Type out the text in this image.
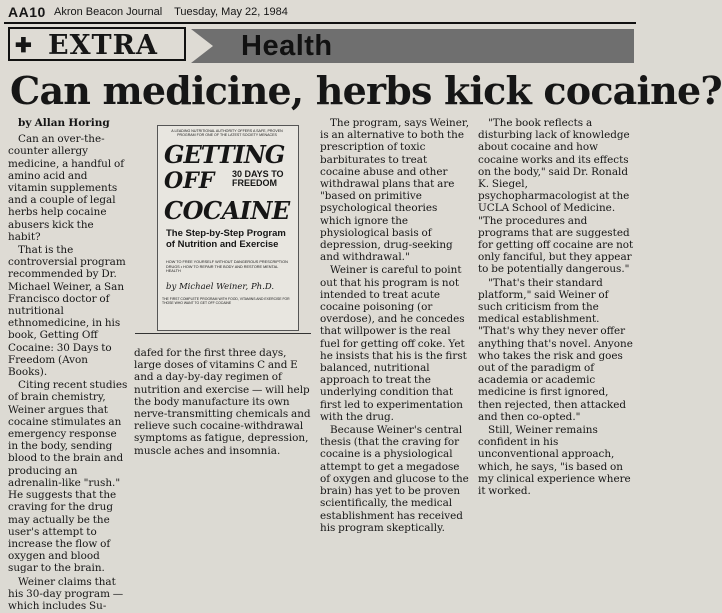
AA10 Akron Beacon Journal Tuesday, May 22, 1984
✚ EXTRA	Health
Can medicine, herbs kick cocaine?
by Allan Horing

Can an over-the-counter allergy medicine, a handful of amino acid and vitamin supplements and a couple of legal herbs help cocaine abusers kick the habit?

That is the controversial program recommended by Dr. Michael Weiner, a San Francisco doctor of nutritional ethnomedicine, in his book, Getting Off Cocaine: 30 Days to Freedom (Avon Books).

Citing recent studies of brain chemistry, Weiner argues that cocaine stimulates an emergency response in the body, sending blood to the brain and producing an adrenalin-like "rush." He suggests that the craving for the drug may actually be the user's attempt to increase the flow of oxygen and blood sugar to the brain.

Weiner claims that his 30-day program — which includes Su-

A LEADING NUTRITIONAL AUTHORITY OFFERS A SAFE, PROVEN PROGRAM FOR ONE OF THE LATEST SOCIETY MENACES
GETTING
OFF 30 DAYS TO FREEDOM
COCAINE
The Step-by-Step Program of Nutrition and Exercise
HOW TO FREE YOURSELF WITHOUT DANGEROUS PRESCRIPTION DRUGS • HOW TO REPAIR THE BODY AND RESTORE MENTAL HEALTH
by Michael Weiner, Ph.D.
THE FIRST COMPLETE PROGRAM WITH FOOD, VITAMINS AND EXERCISE FOR THOSE WHO WANT TO GET OFF COCAINE

dafed for the first three days, large doses of vitamins C and E and a day-by-day regimen of nutrition and exercise — will help the body manufacture its own nerve-transmitting chemicals and relieve such cocaine-withdrawal symptoms as fatigue, depression, muscle aches and insomnia.

The program, says Weiner, is an alternative to both the prescription of toxic barbiturates to treat cocaine abuse and other withdrawal plans that are "based on primitive psychological theories which ignore the physiological basis of depression, drug-seeking and withdrawal."

Weiner is careful to point out that his program is not intended to treat acute cocaine poisoning (or overdose), and he concedes that willpower is the real fuel for getting off coke. Yet he insists that his is the first balanced, nutritional approach to treat the underlying condition that first led to experimentation with the drug.

Because Weiner's central thesis (that the craving for cocaine is a physiological attempt to get a megadose of oxygen and glucose to the brain) has yet to be proven scientifically, the medical establishment has received his program skeptically.

"The book reflects a disturbing lack of knowledge about cocaine and how cocaine works and its effects on the body," said Dr. Ronald K. Siegel, psychopharmacologist at the UCLA School of Medicine. "The procedures and programs that are suggested for getting off cocaine are not only fanciful, but they appear to be potentially dangerous."

"That's their standard platform," said Weiner of such criticism from the medical establishment. "That's why they never offer anything that's novel. Anyone who takes the risk and goes out of the paradigm of academia or academic medicine is first ignored, then rejected, then attacked and then co-opted."

Still, Weiner remains confident in his unconventional approach, which, he says, "is based on my clinical experience where it worked.
